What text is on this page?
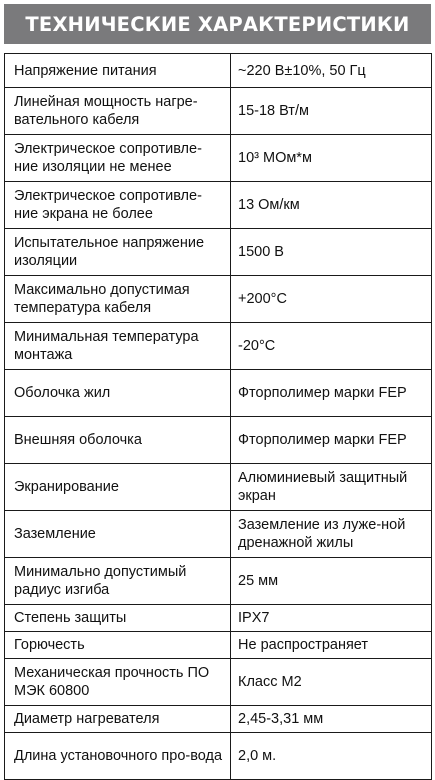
ТЕХНИЧЕСКИЕ ХАРАКТЕРИСТИКИ
Напряжение питания	~220 В±10%, 50 Гц
Линейная мощность нагре-вательного кабеля	15-18 Вт/м
Электрическое сопротивле-ние изоляции не менее	10³ МОм*м
Электрическое сопротивле-ние экрана не более	13 Ом/км
Испытательное напряжение изоляции	1500 В
Максимально допустимая температура кабеля	+200°С
Минимальная температура монтажа	-20°С
Оболочка жил	Фторполимер марки FEP
Внешняя оболочка	Фторполимер марки FEP
Экранирование	Алюминиевый защитный экран
Заземление	Заземление из луже-ной дренажной жилы
Минимально допустимый радиус изгиба	25 мм
Степень защиты	IPX7
Горючесть	Не распространяет
Механическая прочность ПО МЭК 60800	Класс М2
Диаметр нагревателя	2,45-3,31 мм
Длина установочного про-вода	2,0 м.
